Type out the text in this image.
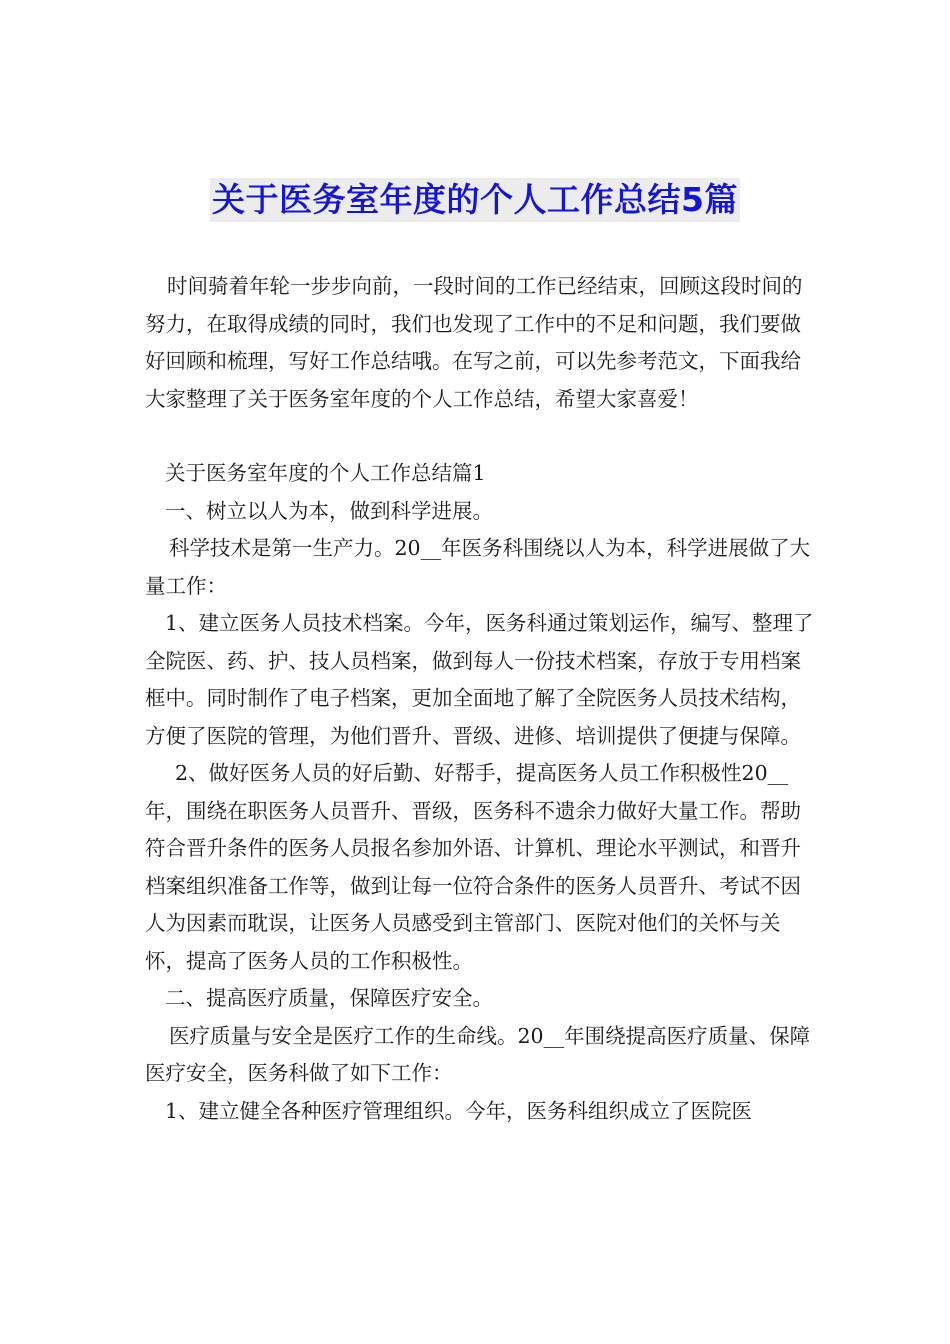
关于医务室年度的个人工作总结5篇

时间骑着年轮一步步向前，一段时间的工作已经结束，回顾这段时间的努力，在取得成绩的同时，我们也发现了工作中的不足和问题，我们要做好回顾和梳理，写好工作总结哦。在写之前，可以先参考范文，下面我给大家整理了关于医务室年度的个人工作总结，希望大家喜爱！

关于医务室年度的个人工作总结篇1

一、树立以人为本，做到科学进展。

科学技术是第一生产力。20__年医务科围绕以人为本，科学进展做了大量工作：

1、建立医务人员技术档案。今年，医务科通过策划运作，编写、整理了全院医、药、护、技人员档案，做到每人一份技术档案，存放于专用档案框中。同时制作了电子档案，更加全面地了解了全院医务人员技术结构，方便了医院的管理，为他们晋升、晋级、进修、培训提供了便捷与保障。

2、做好医务人员的好后勤、好帮手，提高医务人员工作积极性20__年，围绕在职医务人员晋升、晋级，医务科不遗余力做好大量工作。帮助符合晋升条件的医务人员报名参加外语、计算机、理论水平测试，和晋升档案组织准备工作等，做到让每一位符合条件的医务人员晋升、考试不因人为因素而耽误，让医务人员感受到主管部门、医院对他们的关怀与关怀，提高了医务人员的工作积极性。

二、提高医疗质量，保障医疗安全。

医疗质量与安全是医疗工作的生命线。20__年围绕提高医疗质量、保障医疗安全，医务科做了如下工作：

1、建立健全各种医疗管理组织。今年，医务科组织成立了医院医
